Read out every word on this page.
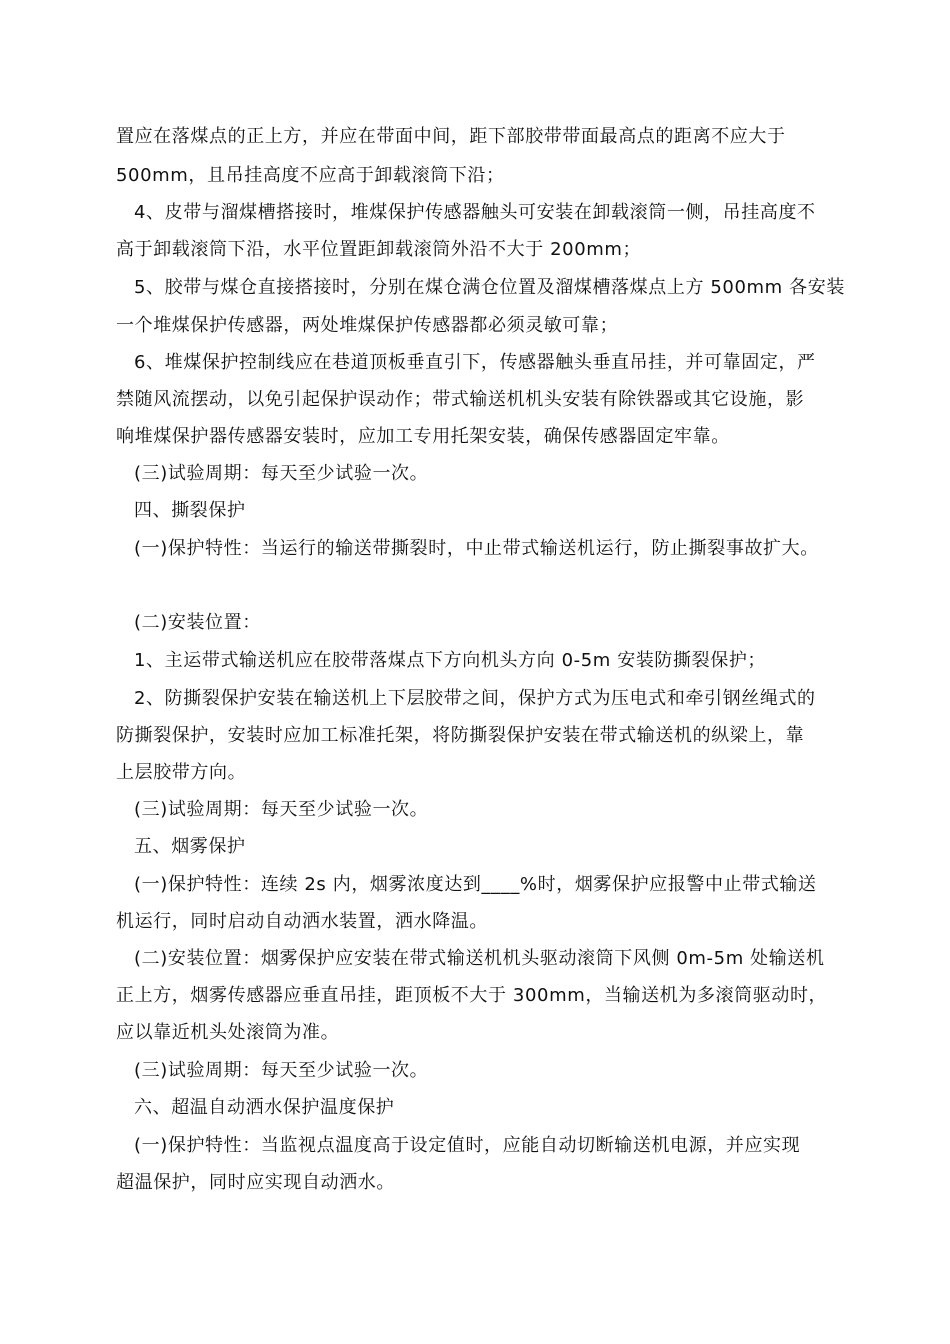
置应在落煤点的正上方，并应在带面中间，距下部胶带带面最高点的距离不应大于
500mm，且吊挂高度不应高于卸载滚筒下沿；
4、皮带与溜煤槽搭接时，堆煤保护传感器触头可安装在卸载滚筒一侧，吊挂高度不
高于卸载滚筒下沿，水平位置距卸载滚筒外沿不大于 200mm；
5、胶带与煤仓直接搭接时，分别在煤仓满仓位置及溜煤槽落煤点上方 500mm 各安装
一个堆煤保护传感器，两处堆煤保护传感器都必须灵敏可靠；
6、堆煤保护控制线应在巷道顶板垂直引下，传感器触头垂直吊挂，并可靠固定，严
禁随风流摆动，以免引起保护误动作；带式输送机机头安装有除铁器或其它设施，影
响堆煤保护器传感器安装时，应加工专用托架安装，确保传感器固定牢靠。
(三)试验周期：每天至少试验一次。
四、撕裂保护
(一)保护特性：当运行的输送带撕裂时，中止带式输送机运行，防止撕裂事故扩大。
(二)安装位置：
1、主运带式输送机应在胶带落煤点下方向机头方向 0-5m 安装防撕裂保护；
2、防撕裂保护安装在输送机上下层胶带之间，保护方式为压电式和牵引钢丝绳式的
防撕裂保护，安装时应加工标准托架，将防撕裂保护安装在带式输送机的纵梁上，靠
上层胶带方向。
(三)试验周期：每天至少试验一次。
五、烟雾保护
(一)保护特性：连续 2s 内，烟雾浓度达到____%时，烟雾保护应报警中止带式输送
机运行，同时启动自动洒水装置，洒水降温。
(二)安装位置：烟雾保护应安装在带式输送机机头驱动滚筒下风侧 0m-5m 处输送机
正上方，烟雾传感器应垂直吊挂，距顶板不大于 300mm，当输送机为多滚筒驱动时，
应以靠近机头处滚筒为准。
(三)试验周期：每天至少试验一次。
六、超温自动洒水保护温度保护
(一)保护特性：当监视点温度高于设定值时，应能自动切断输送机电源，并应实现
超温保护，同时应实现自动洒水。
